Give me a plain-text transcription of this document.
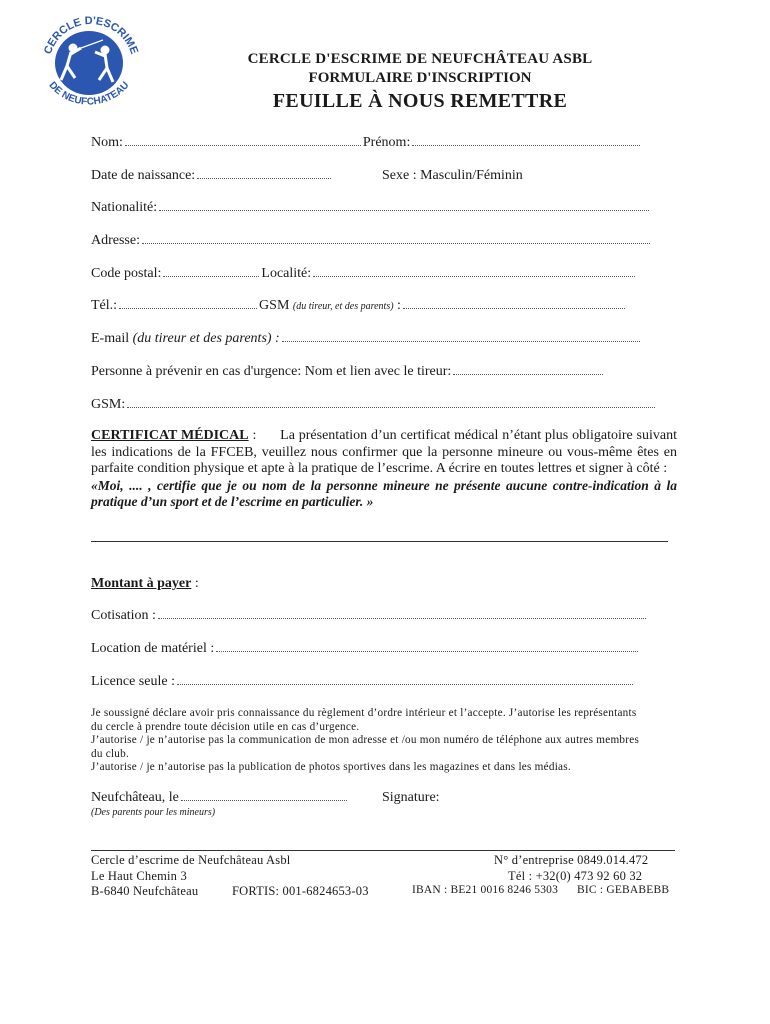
CERCLE D'ESCRIME
DE NEUFCHATEAU
CERCLE D'ESCRIME DE NEUFCHÂTEAU ASBL
FORMULAIRE D'INSCRIPTION
FEUILLE À NOUS REMETTRE
Nom:	Prénom:
Date de naissance:	Sexe : Masculin/Féminin
Nationalité:
Adresse:
Code postal:	Localité:
Tél.:	GSM (du tireur, et des parents) :
E-mail (du tireur et des parents) :
Personne à prévenir en cas d'urgence: Nom et lien avec le tireur:
GSM:
CERTIFICAT MÉDICAL : La présentation d’un certificat médical n’étant plus obligatoire suivant les indications de la FFCEB, veuillez nous confirmer que la personne mineure ou vous-même êtes en parfaite condition physique et apte à la pratique de l’escrime. A écrire en toutes lettres et signer à côté :
«Moi, .... , certifie que je ou nom de la personne mineure ne présente aucune contre-indication à la pratique d’un sport et de l’escrime en particulier. »
Montant à payer :
Cotisation :
Location de matériel :
Licence seule :

Je soussigné déclare avoir pris connaissance du règlement d’ordre intérieur et l’accepte. J’autorise les représentants du cercle à prendre toute décision utile en cas d’urgence.

J’autorise / je n’autorise pas la communication de mon adresse et /ou mon numéro de téléphone aux autres membres du club.

J’autorise / je n’autorise pas la publication de photos sportives dans les magazines et dans les médias.

Neufchâteau, le	Signature:
(Des parents pour les mineurs)
Cercle d’escrime de Neufchâteau Asbl
Le Haut Chemin 3
B-6840 Neufchâteau	FORTIS: 001-6824653-03
N° d’entreprise 0849.014.472
Tél : +32(0) 473 92 60 32
IBAN : BE21 0016 8246 5303 BIC : GEBABEBB
